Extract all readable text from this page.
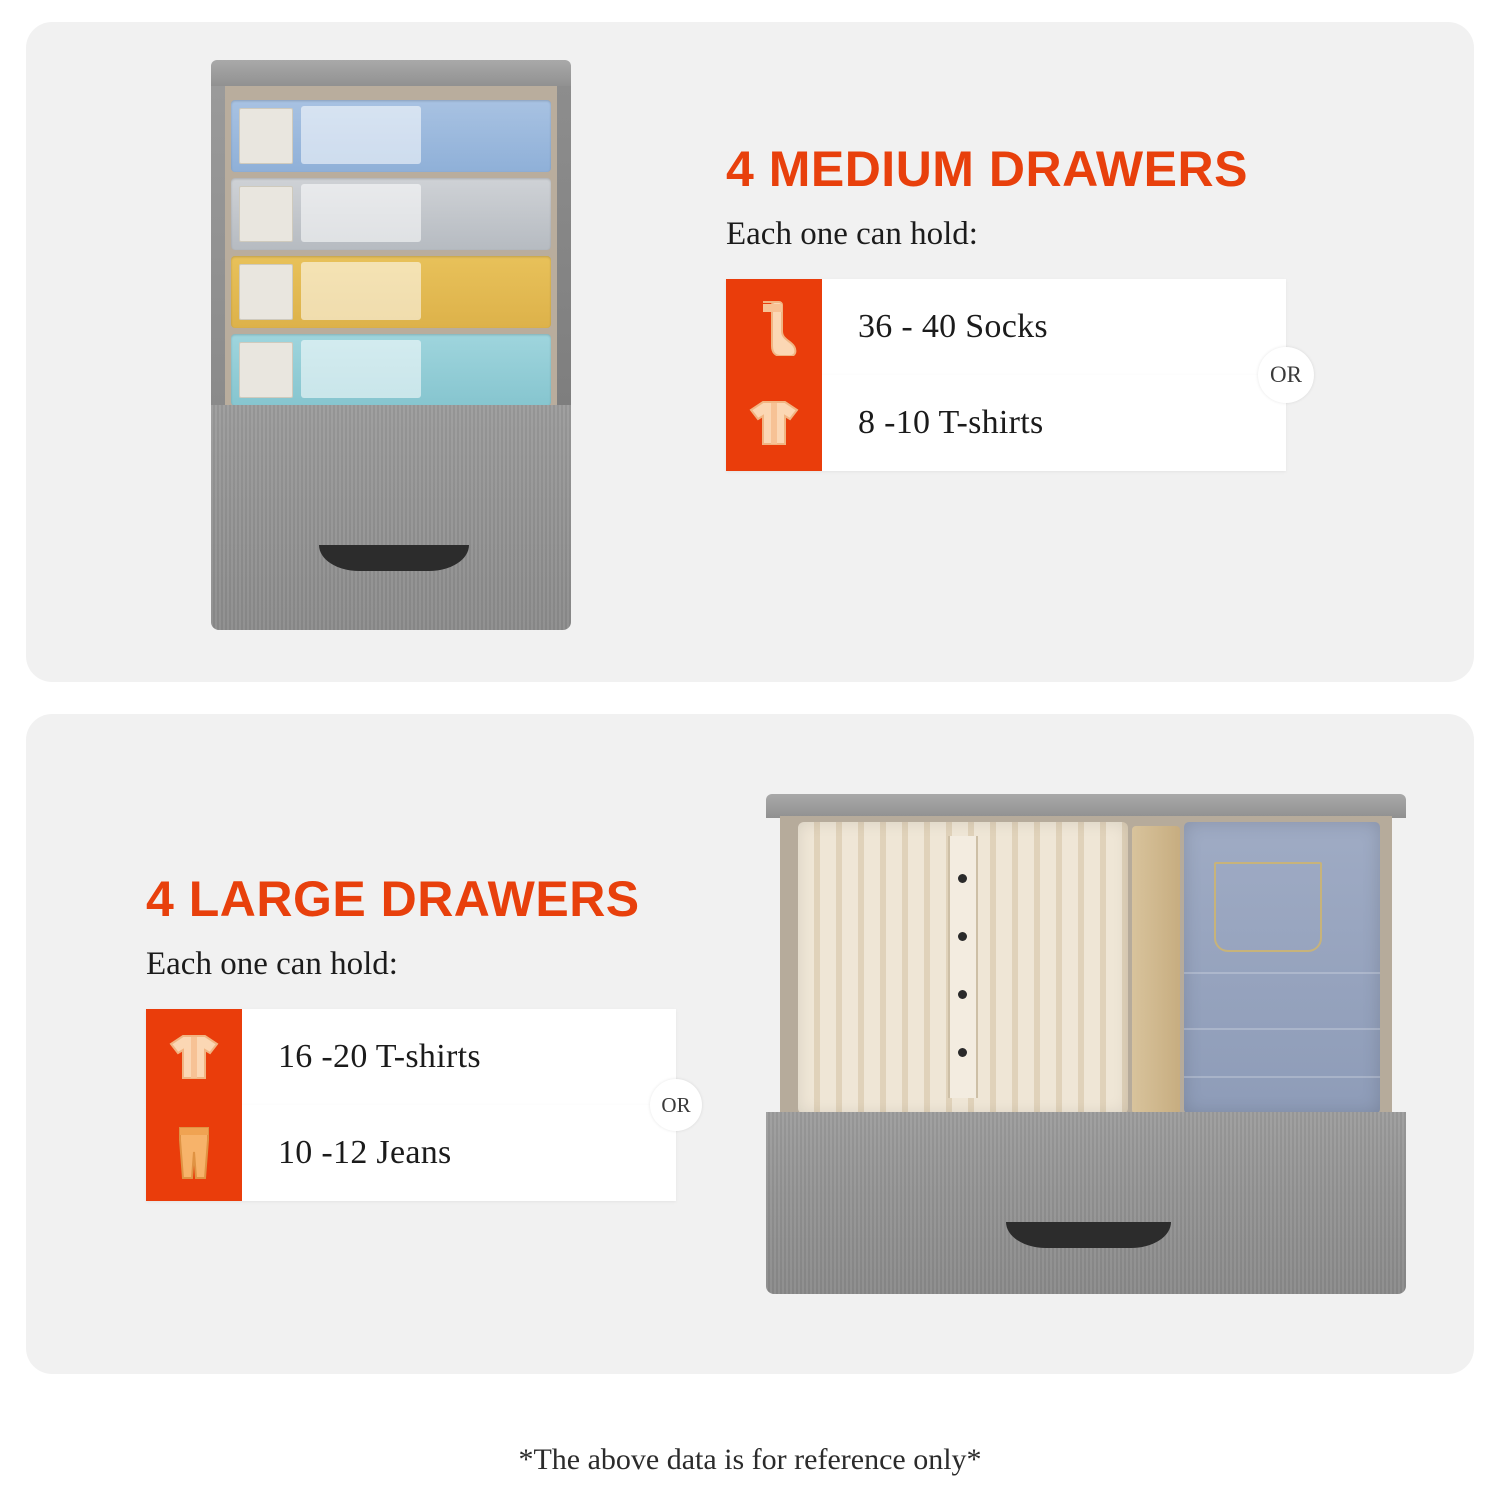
4 MEDIUM DRAWERS
Each one can hold:
36 - 40 Socks
OR
8 -10 T-shirts
4 LARGE DRAWERS
Each one can hold:
16 -20 T-shirts
OR
10 -12 Jeans
*The above data is for reference only*
